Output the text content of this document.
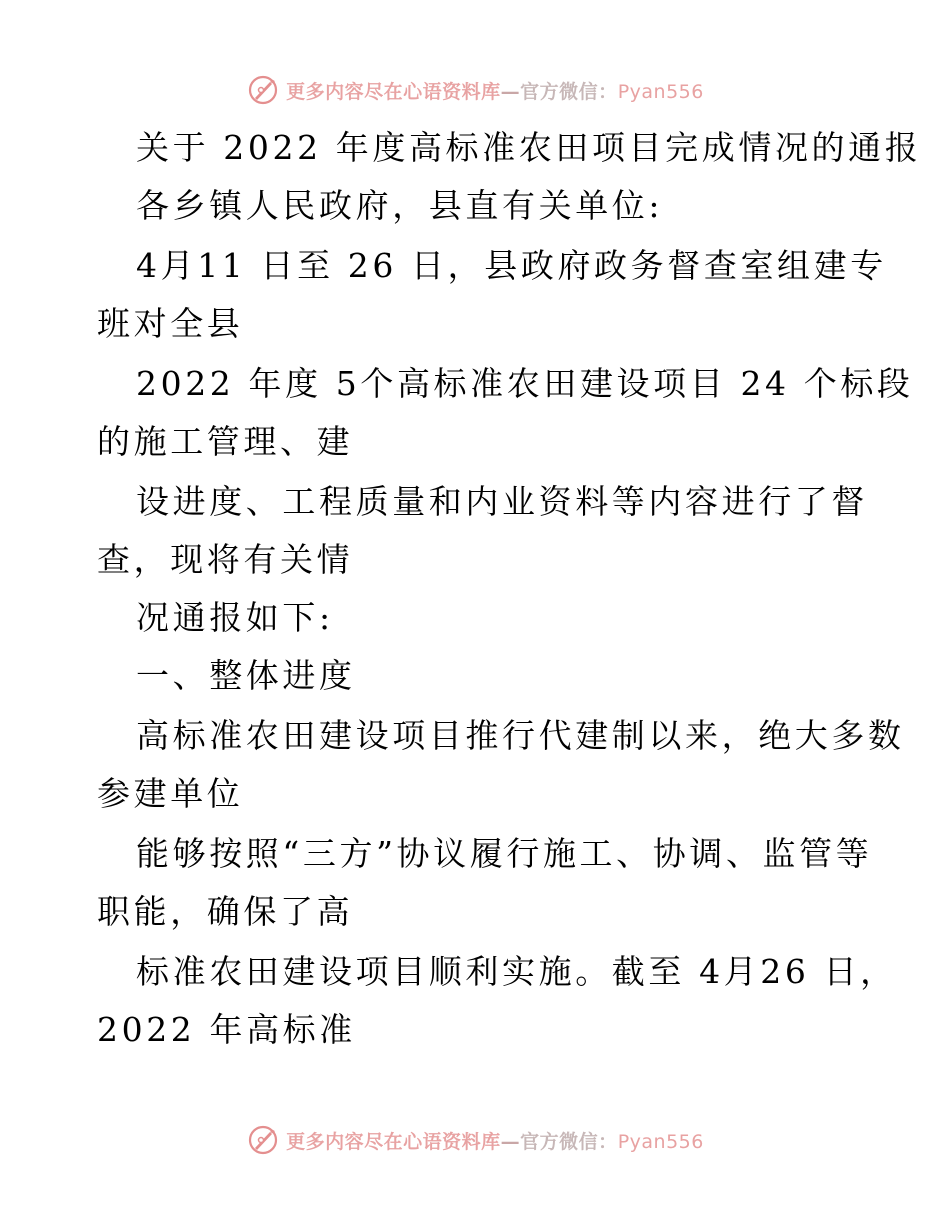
更多内容尽在心语资料库—官方微信：Pyan556
关于 2022 年度高标准农田项目完成情况的通报
各乡镇人民政府，县直有关单位:
4月11 日至 26 日，县政府政务督查室组建专
班对全县
2022 年度 5个高标准农田建设项目 24 个标段
的施工管理、建
设进度、工程质量和内业资料等内容进行了督
查，现将有关情
况通报如下:
一、整体进度
高标准农田建设项目推行代建制以来，绝大多数
参建单位
能够按照“三方”协议履行施工、协调、监管等
职能，确保了高
标准农田建设项目顺利实施。截至 4月26 日，
2022 年高标准
更多内容尽在心语资料库—官方微信：Pyan556
